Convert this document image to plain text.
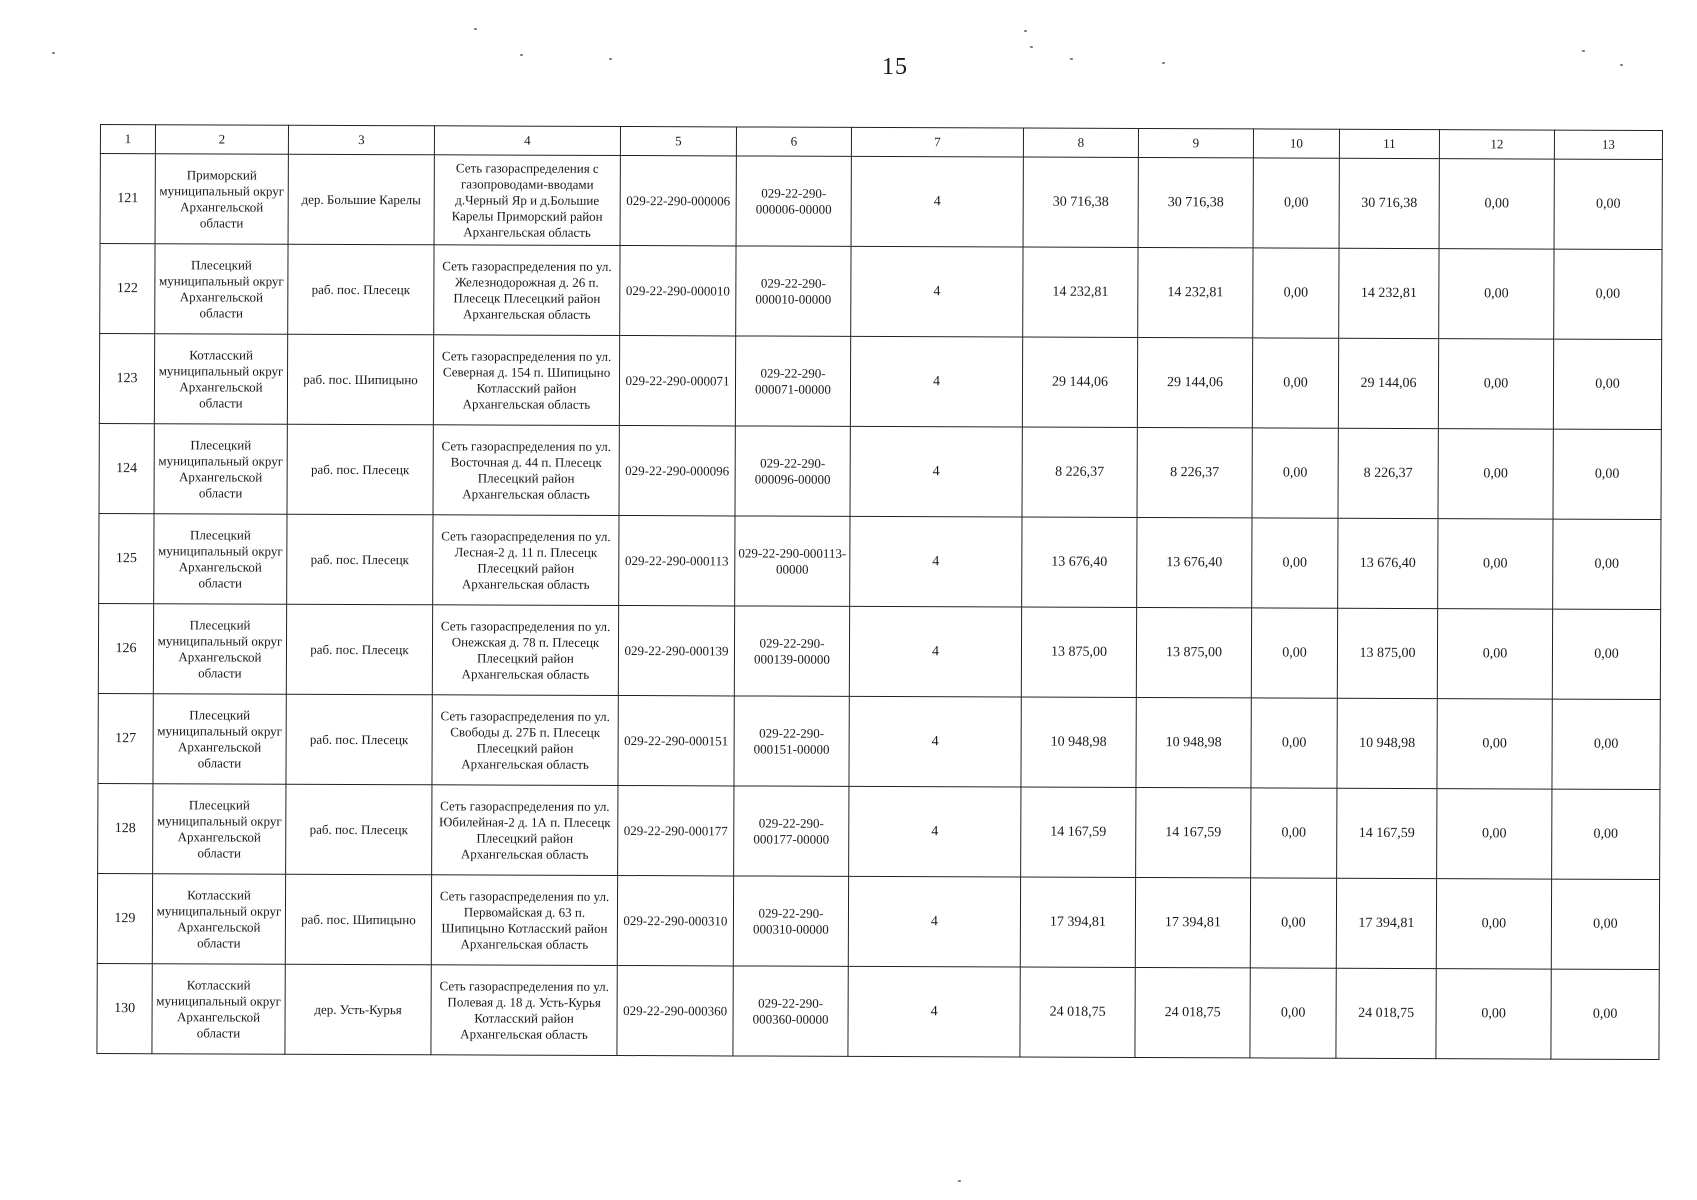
15
1	2	3	4	5	6	7	8	9	10	11	12	13
121	Приморский муниципальный округ Архангельской области	дер. Большие Карелы	Сеть газораспределения с газопроводами-вводами д.Черный Яр и д.Большие Карелы Приморский район Архангельская область	029-22-290-000006	029-22-290-000006-00000	4	30 716,38	30 716,38	0,00	30 716,38	0,00	0,00
122	Плесецкий муниципальный округ Архангельской области	раб. пос. Плесецк	Сеть газораспределения по ул. Железнодорожная д. 26 п. Плесецк Плесецкий район Архангельская область	029-22-290-000010	029-22-290-000010-00000	4	14 232,81	14 232,81	0,00	14 232,81	0,00	0,00
123	Котласский муниципальный округ Архангельской области	раб. пос. Шипицыно	Сеть газораспределения по ул. Северная д. 154 п. Шипицыно Котласский район Архангельская область	029-22-290-000071	029-22-290-000071-00000	4	29 144,06	29 144,06	0,00	29 144,06	0,00	0,00
124	Плесецкий муниципальный округ Архангельской области	раб. пос. Плесецк	Сеть газораспределения по ул. Восточная д. 44 п. Плесецк Плесецкий район Архангельская область	029-22-290-000096	029-22-290-000096-00000	4	8 226,37	8 226,37	0,00	8 226,37	0,00	0,00
125	Плесецкий муниципальный округ Архангельской области	раб. пос. Плесецк	Сеть газораспределения по ул. Лесная-2 д. 11 п. Плесецк Плесецкий район Архангельская область	029-22-290-000113	029-22-290-000113-00000	4	13 676,40	13 676,40	0,00	13 676,40	0,00	0,00
126	Плесецкий муниципальный округ Архангельской области	раб. пос. Плесецк	Сеть газораспределения по ул. Онежская д. 78 п. Плесецк Плесецкий район Архангельская область	029-22-290-000139	029-22-290-000139-00000	4	13 875,00	13 875,00	0,00	13 875,00	0,00	0,00
127	Плесецкий муниципальный округ Архангельской области	раб. пос. Плесецк	Сеть газораспределения по ул. Свободы д. 27Б п. Плесецк Плесецкий район Архангельская область	029-22-290-000151	029-22-290-000151-00000	4	10 948,98	10 948,98	0,00	10 948,98	0,00	0,00
128	Плесецкий муниципальный округ Архангельской области	раб. пос. Плесецк	Сеть газораспределения по ул. Юбилейная-2 д. 1А п. Плесецк Плесецкий район Архангельская область	029-22-290-000177	029-22-290-000177-00000	4	14 167,59	14 167,59	0,00	14 167,59	0,00	0,00
129	Котласский муниципальный округ Архангельской области	раб. пос. Шипицыно	Сеть газораспределения по ул. Первомайская д. 63 п. Шипицыно Котласский район Архангельская область	029-22-290-000310	029-22-290-000310-00000	4	17 394,81	17 394,81	0,00	17 394,81	0,00	0,00
130	Котласский муниципальный округ Архангельской области	дер. Усть-Курья	Сеть газораспределения по ул. Полевая д. 18 д. Усть-Курья Котласский район Архангельская область	029-22-290-000360	029-22-290-000360-00000	4	24 018,75	24 018,75	0,00	24 018,75	0,00	0,00
